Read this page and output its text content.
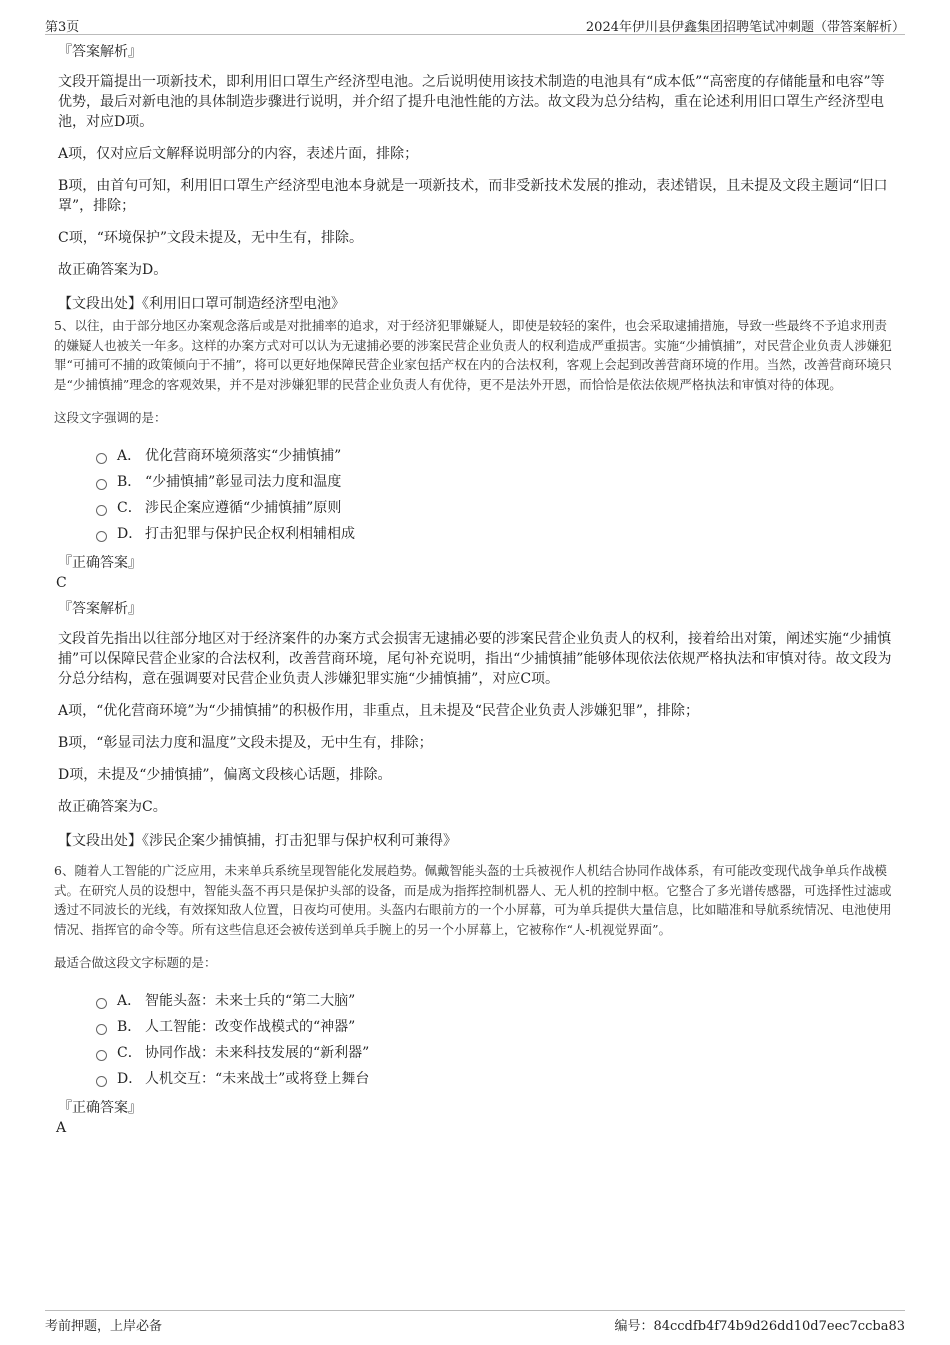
第3页	2024年伊川县伊鑫集团招聘笔试冲刺题（带答案解析）
『答案解析』
文段开篇提出一项新技术，即利用旧口罩生产经济型电池。之后说明使用该技术制造的电池具有“成本低”“高密度的存储能量和电容”等优势，最后对新电池的具体制造步骤进行说明，并介绍了提升电池性能的方法。故文段为总分结构，重在论述利用旧口罩生产经济型电池，对应D项。
A项，仅对应后文解释说明部分的内容，表述片面，排除；
B项，由首句可知，利用旧口罩生产经济型电池本身就是一项新技术，而非受新技术发展的推动，表述错误，且未提及文段主题词“旧口罩”，排除；
C项，“环境保护”文段未提及，无中生有，排除。
故正确答案为D。
【文段出处】《利用旧口罩可制造经济型电池》
5、以往，由于部分地区办案观念落后或是对批捕率的追求，对于经济犯罪嫌疑人，即使是较轻的案件，也会采取逮捕措施，导致一些最终不予追求刑责的嫌疑人也被关一年多。这样的办案方式对可以认为无逮捕必要的涉案民营企业负责人的权利造成严重损害。实施“少捕慎捕”，对民营企业负责人涉嫌犯罪“可捕可不捕的政策倾向于不捕”，将可以更好地保障民营企业家包括产权在内的合法权利，客观上会起到改善营商环境的作用。当然，改善营商环境只是“少捕慎捕”理念的客观效果，并不是对涉嫌犯罪的民营企业负责人有优待，更不是法外开恩，而恰恰是依法依规严格执法和审慎对待的体现。
这段文字强调的是：
A． 优化营商环境须落实“少捕慎捕”
B． “少捕慎捕”彰显司法力度和温度
C． 涉民企案应遵循“少捕慎捕”原则
D． 打击犯罪与保护民企权利相辅相成
『正确答案』
C
『答案解析』
文段首先指出以往部分地区对于经济案件的办案方式会损害无逮捕必要的涉案民营企业负责人的权利，接着给出对策，阐述实施“少捕慎捕”可以保障民营企业家的合法权利，改善营商环境，尾句补充说明，指出“少捕慎捕”能够体现依法依规严格执法和审慎对待。故文段为分总分结构，意在强调要对民营企业负责人涉嫌犯罪实施“少捕慎捕”，对应C项。
A项，“优化营商环境”为“少捕慎捕”的积极作用，非重点，且未提及“民营企业负责人涉嫌犯罪”，排除；
B项，“彰显司法力度和温度”文段未提及，无中生有，排除；
D项，未提及“少捕慎捕”，偏离文段核心话题，排除。
故正确答案为C。
【文段出处】《涉民企案少捕慎捕，打击犯罪与保护权利可兼得》
6、随着人工智能的广泛应用，未来单兵系统呈现智能化发展趋势。佩戴智能头盔的士兵被视作人机结合协同作战体系，有可能改变现代战争单兵作战模式。在研究人员的设想中，智能头盔不再只是保护头部的设备，而是成为指挥控制机器人、无人机的控制中枢。它整合了多光谱传感器，可选择性过滤或透过不同波长的光线，有效探知敌人位置，日夜均可使用。头盔内右眼前方的一个小屏幕，可为单兵提供大量信息，比如瞄准和导航系统情况、电池使用情况、指挥官的命令等。所有这些信息还会被传送到单兵手腕上的另一个小屏幕上，它被称作“人-机视觉界面”。
最适合做这段文字标题的是：
A． 智能头盔：未来士兵的“第二大脑”
B． 人工智能：改变作战模式的“神器”
C． 协同作战：未来科技发展的“新利器”
D． 人机交互：“未来战士”或将登上舞台
『正确答案』
A
考前押题，上岸必备	编号：84ccdfb4f74b9d26dd10d7eec7ccba83
